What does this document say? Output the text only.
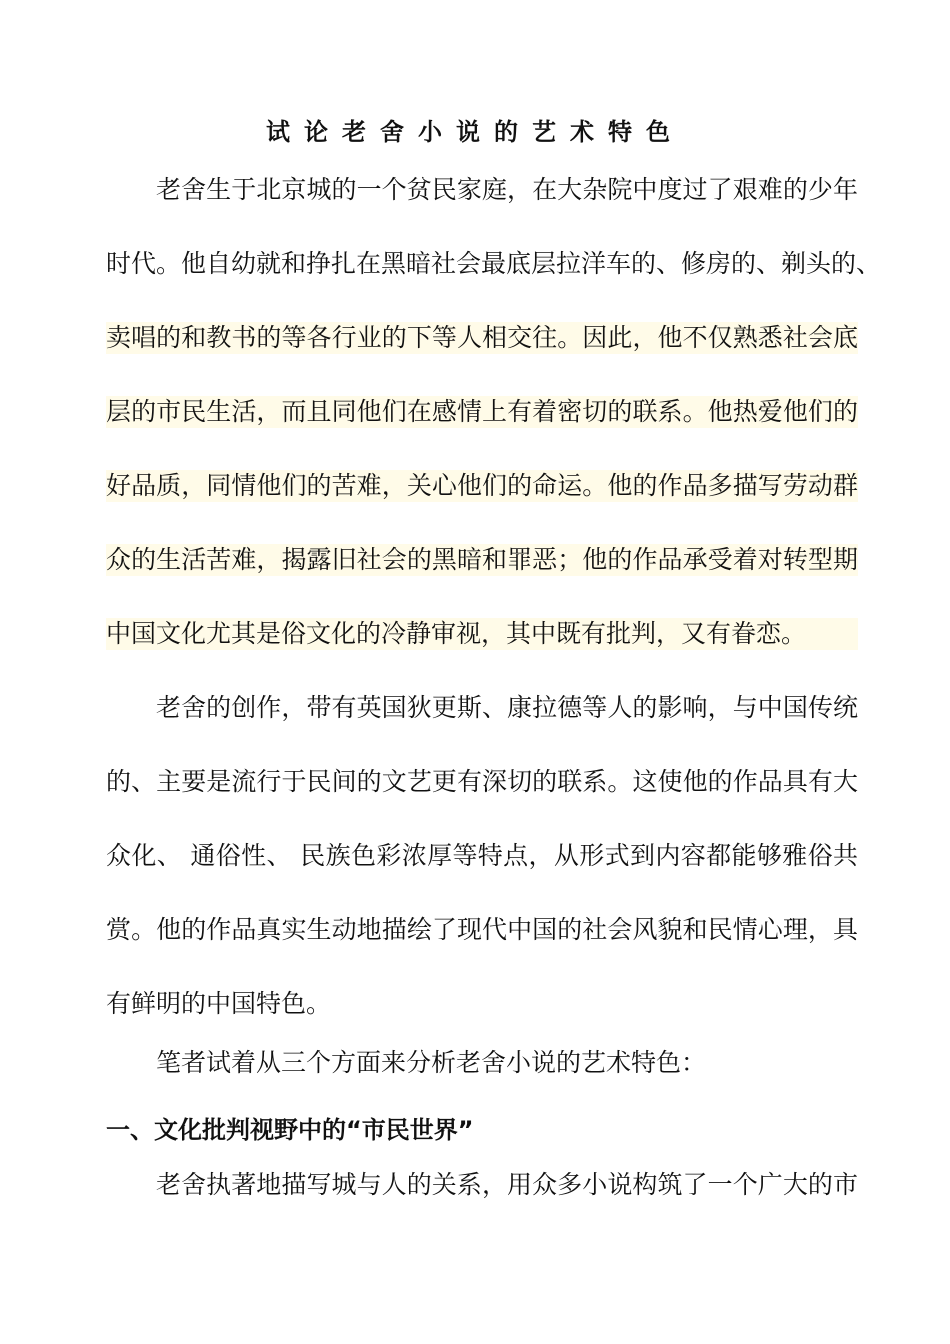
试论老舍小说的艺术特色
老舍生于北京城的一个贫民家庭，在大杂院中度过了艰难的少年
时代。他自幼就和挣扎在黑暗社会最底层拉洋车的、修房的、剃头的、
卖唱的和教书的等各行业的下等人相交往。因此，他不仅熟悉社会底
层的市民生活，而且同他们在感情上有着密切的联系。他热爱他们的
好品质，同情他们的苦难，关心他们的命运。他的作品多描写劳动群
众的生活苦难，揭露旧社会的黑暗和罪恶；他的作品承受着对转型期
中国文化尤其是俗文化的冷静审视，其中既有批判，又有眷恋。
老舍的创作，带有英国狄更斯、康拉德等人的影响，与中国传统
的、主要是流行于民间的文艺更有深切的联系。这使他的作品具有大
众化、 通俗性、 民族色彩浓厚等特点，从形式到内容都能够雅俗共
赏。他的作品真实生动地描绘了现代中国的社会风貌和民情心理，具
有鲜明的中国特色。
笔者试着从三个方面来分析老舍小说的艺术特色：
一、文化批判视野中的“市民世界”
老舍执著地描写城与人的关系，用众多小说构筑了一个广大的市
